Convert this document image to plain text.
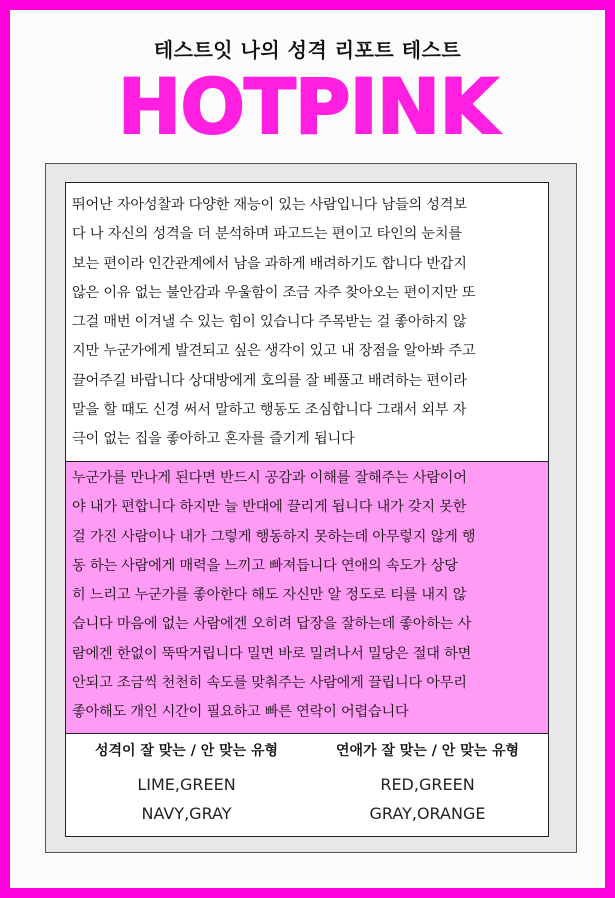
테스트잇 나의 성격 리포트 테스트
HOTPINK
뛰어난 자아성찰과 다양한 재능이 있는 사람입니다 남들의 성격보
다 나 자신의 성격을 더 분석하며 파고드는 편이고 타인의 눈치를
보는 편이라 인간관계에서 남을 과하게 배려하기도 합니다 반갑지
않은 이유 없는 불안감과 우울함이 조금 자주 찾아오는 편이지만 또
그걸 매번 이겨낼 수 있는 힘이 있습니다 주목받는 걸 좋아하지 않
지만 누군가에게 발견되고 싶은 생각이 있고 내 장점을 알아봐 주고
끌어주길 바랍니다 상대방에게 호의를 잘 베풀고 배려하는 편이라
말을 할 때도 신경 써서 말하고 행동도 조심합니다 그래서 외부 자
극이 없는 집을 좋아하고 혼자를 즐기게 됩니다
누군가를 만나게 된다면 반드시 공감과 이해를 잘해주는 사람이어
야 내가 편합니다 하지만 늘 반대에 끌리게 됩니다 내가 갖지 못한
걸 가진 사람이나 내가 그렇게 행동하지 못하는데 아무렇지 않게 행
동 하는 사람에게 매력을 느끼고 빠져듭니다 연애의 속도가 상당
히 느리고 누군가를 좋아한다 해도 자신만 알 정도로 티를 내지 않
습니다 마음에 없는 사람에겐 오히려 답장을 잘하는데 좋아하는 사
람에겐 한없이 뚝딱거립니다 밀면 바로 밀려나서 밀당은 절대 하면
안되고 조금씩 천천히 속도를 맞춰주는 사람에게 끌립니다 아무리
좋아해도 개인 시간이 필요하고 빠른 연락이 어렵습니다
성격이 잘 맞는 / 안 맞는 유형
LIME,GREEN
NAVY,GRAY
연애가 잘 맞는 / 안 맞는 유형
RED,GREEN
GRAY,ORANGE
